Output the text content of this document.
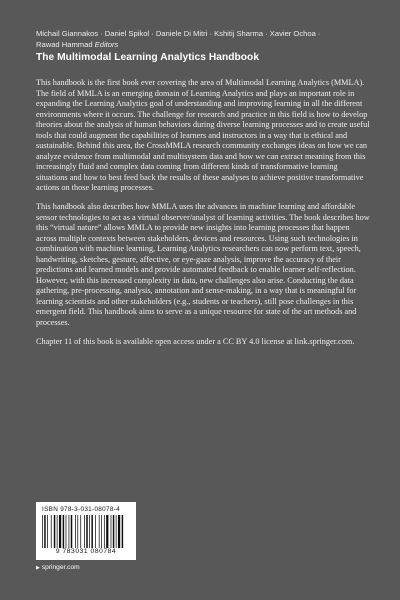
Michail Giannakos · Daniel Spikol · Daniele Di Mitri · Kshitij Sharma · Xavier Ochoa ·
Rawad Hammad Editors
The Multimodal Learning Analytics Handbook

This handbook is the first book ever covering the area of Multimodal Learning Analytics (MMLA). The field of MMLA is an emerging domain of Learning Analytics and plays an important role in expanding the Learning Analytics goal of understanding and improving learning in all the different environments where it occurs. The challenge for research and practice in this field is how to develop theories about the analysis of human behaviors during diverse learning processes and to create useful tools that could augment the capabilities of learners and instructors in a way that is ethical and sustainable. Behind this area, the CrossMMLA research community exchanges ideas on how we can analyze evidence from multimodal and multisystem data and how we can extract meaning from this increasingly fluid and complex data coming from different kinds of transformative learning situations and how to best feed back the results of these analyses to achieve positive transformative actions on those learning processes.

This handbook also describes how MMLA uses the advances in machine learning and affordable sensor technologies to act as a virtual observer/analyst of learning activities. The book describes how this “virtual nature” allows MMLA to provide new insights into learning processes that happen across multiple contexts between stakeholders, devices and resources. Using such technologies in combination with machine learning, Learning Analytics researchers can now perform text, speech, handwriting, sketches, gesture, affective, or eye-gaze analysis, improve the accuracy of their predictions and learned models and provide automated feedback to enable learner self-reflection. However, with this increased complexity in data, new challenges also arise. Conducting the data gathering, pre-processing, analysis, annotation and sense-making, in a way that is meaningful for learning scientists and other stakeholders (e.g., students or teachers), still pose challenges in this emergent field. This handbook aims to serve as a unique resource for state of the art methods and processes.

Chapter 11 of this book is available open access under a CC BY 4.0 license at link.springer.com.

ISBN 978-3-031-08078-4
9 783031 080784
▶ springer.com
